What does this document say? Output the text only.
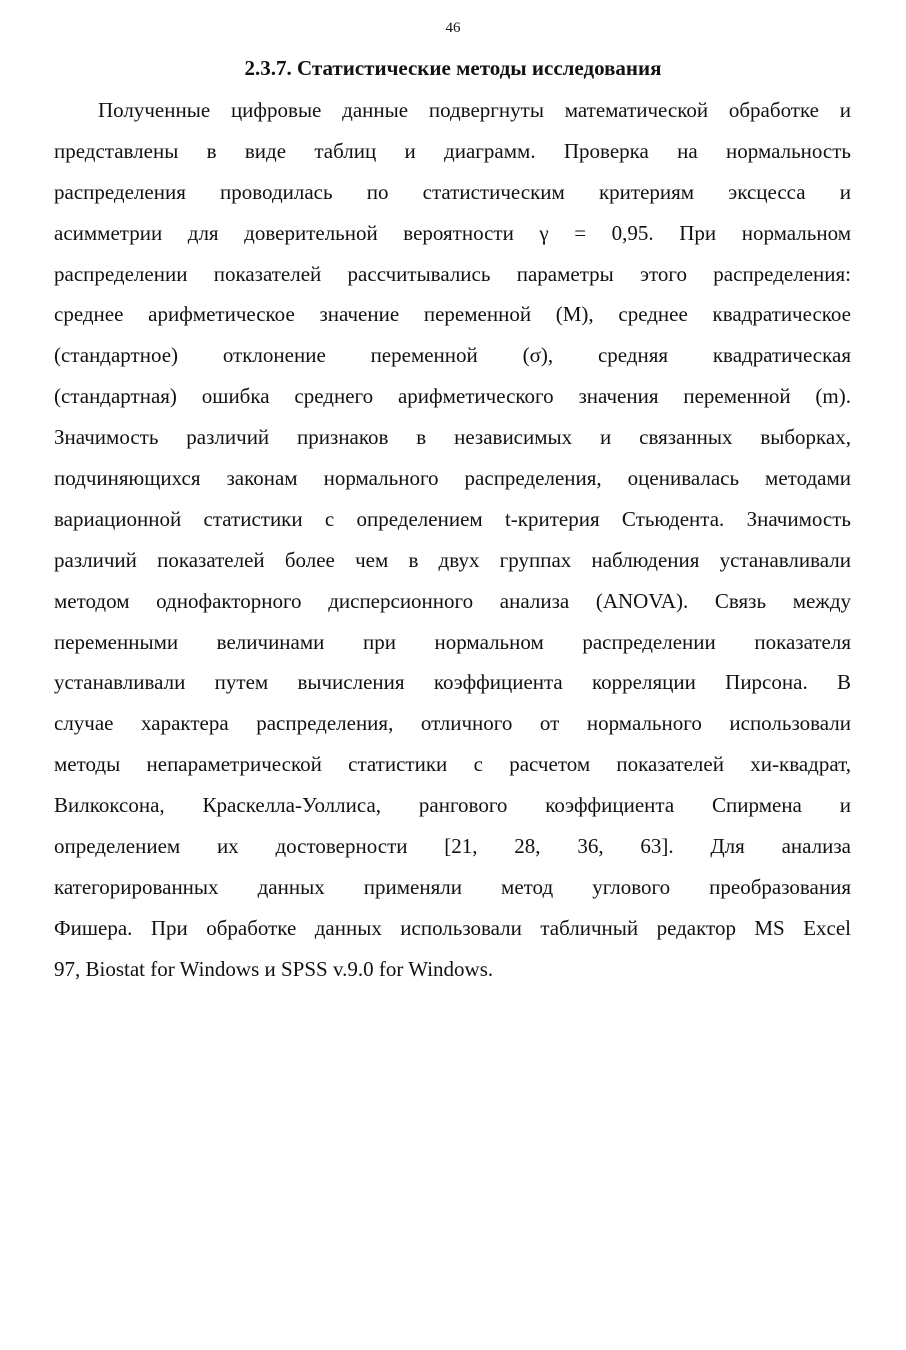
46
2.3.7. Статистические методы исследования
Полученные цифровые данные подвергнуты математической обработке и
представлены в виде таблиц и диаграмм. Проверка на нормальность
распределения проводилась по статистическим критериям эксцесса и
асимметрии для доверительной вероятности γ = 0,95. При нормальном
распределении показателей рассчитывались параметры этого распределения:
среднее арифметическое значение переменной (M), среднее квадратическое
(стандартное) отклонение переменной (σ), средняя квадратическая
(стандартная) ошибка среднего арифметического значения переменной (m).
Значимость различий признаков в независимых и связанных выборках,
подчиняющихся законам нормального распределения, оценивалась методами
вариационной статистики с определением t-критерия Стьюдента. Значимость
различий показателей более чем в двух группах наблюдения устанавливали
методом однофакторного дисперсионного анализа (ANOVA). Связь между
переменными величинами при нормальном распределении показателя
устанавливали путем вычисления коэффициента корреляции Пирсона. В
случае характера распределения, отличного от нормального использовали
методы непараметрической статистики с расчетом показателей хи-квадрат,
Вилкоксона, Краскелла-Уоллиса, рангового коэффициента Спирмена и
определением их достоверности [21, 28, 36, 63]. Для анализа
категорированных данных применяли метод углового преобразования
Фишера. При обработке данных использовали табличный редактор MS Excel
97, Biostat for Windows и SPSS v.9.0 for Windows.
